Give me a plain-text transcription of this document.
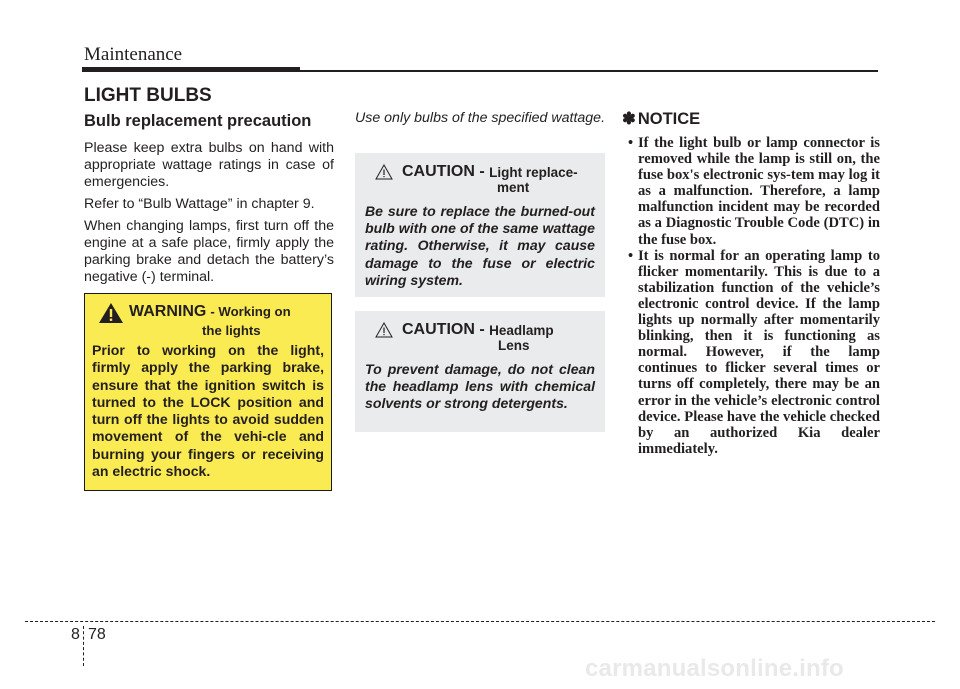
Maintenance
LIGHT BULBS
Bulb replacement precaution

Please keep extra bulbs on hand with appropriate wattage ratings in case of emergencies.

Refer to “Bulb Wattage” in chapter 9.

When changing lamps, first turn off the engine at a safe place, firmly apply the parking brake and detach the battery’s negative (-) terminal.

WARNING - Working on
the lights
Prior to working on the light, firmly apply the parking brake, ensure that the ignition switch is turned to the LOCK position and turn off the lights to avoid sudden movement of the vehi-cle and burning your fingers or receiving an electric shock.
Use only bulbs of the specified wattage.
CAUTION -
Light replace-
ment
Be sure to replace the burned-out bulb with one of the same wattage rating. Otherwise, it may cause damage to the fuse or electric wiring system.
CAUTION -
Headlamp
Lens
To prevent damage, do not clean the headlamp lens with chemical solvents or strong detergents.
✽ NOTICE
• If the light bulb or lamp connector is removed while the lamp is still on, the fuse box's electronic sys-tem may log it as a malfunction. Therefore, a lamp malfunction incident may be recorded as a Diagnostic Trouble Code (DTC) in the fuse box.
• It is normal for an operating lamp to flicker momentarily. This is due to a stabilization function of the vehicle’s electronic control device. If the lamp lights up normally after momentarily blinking, then it is functioning as normal. However, if the lamp continues to flicker several times or turns off completely, there may be an error in the vehicle’s electronic control device. Please have the vehicle checked by an authorized Kia dealer immediately.
8 78
carmanualsonline.info
